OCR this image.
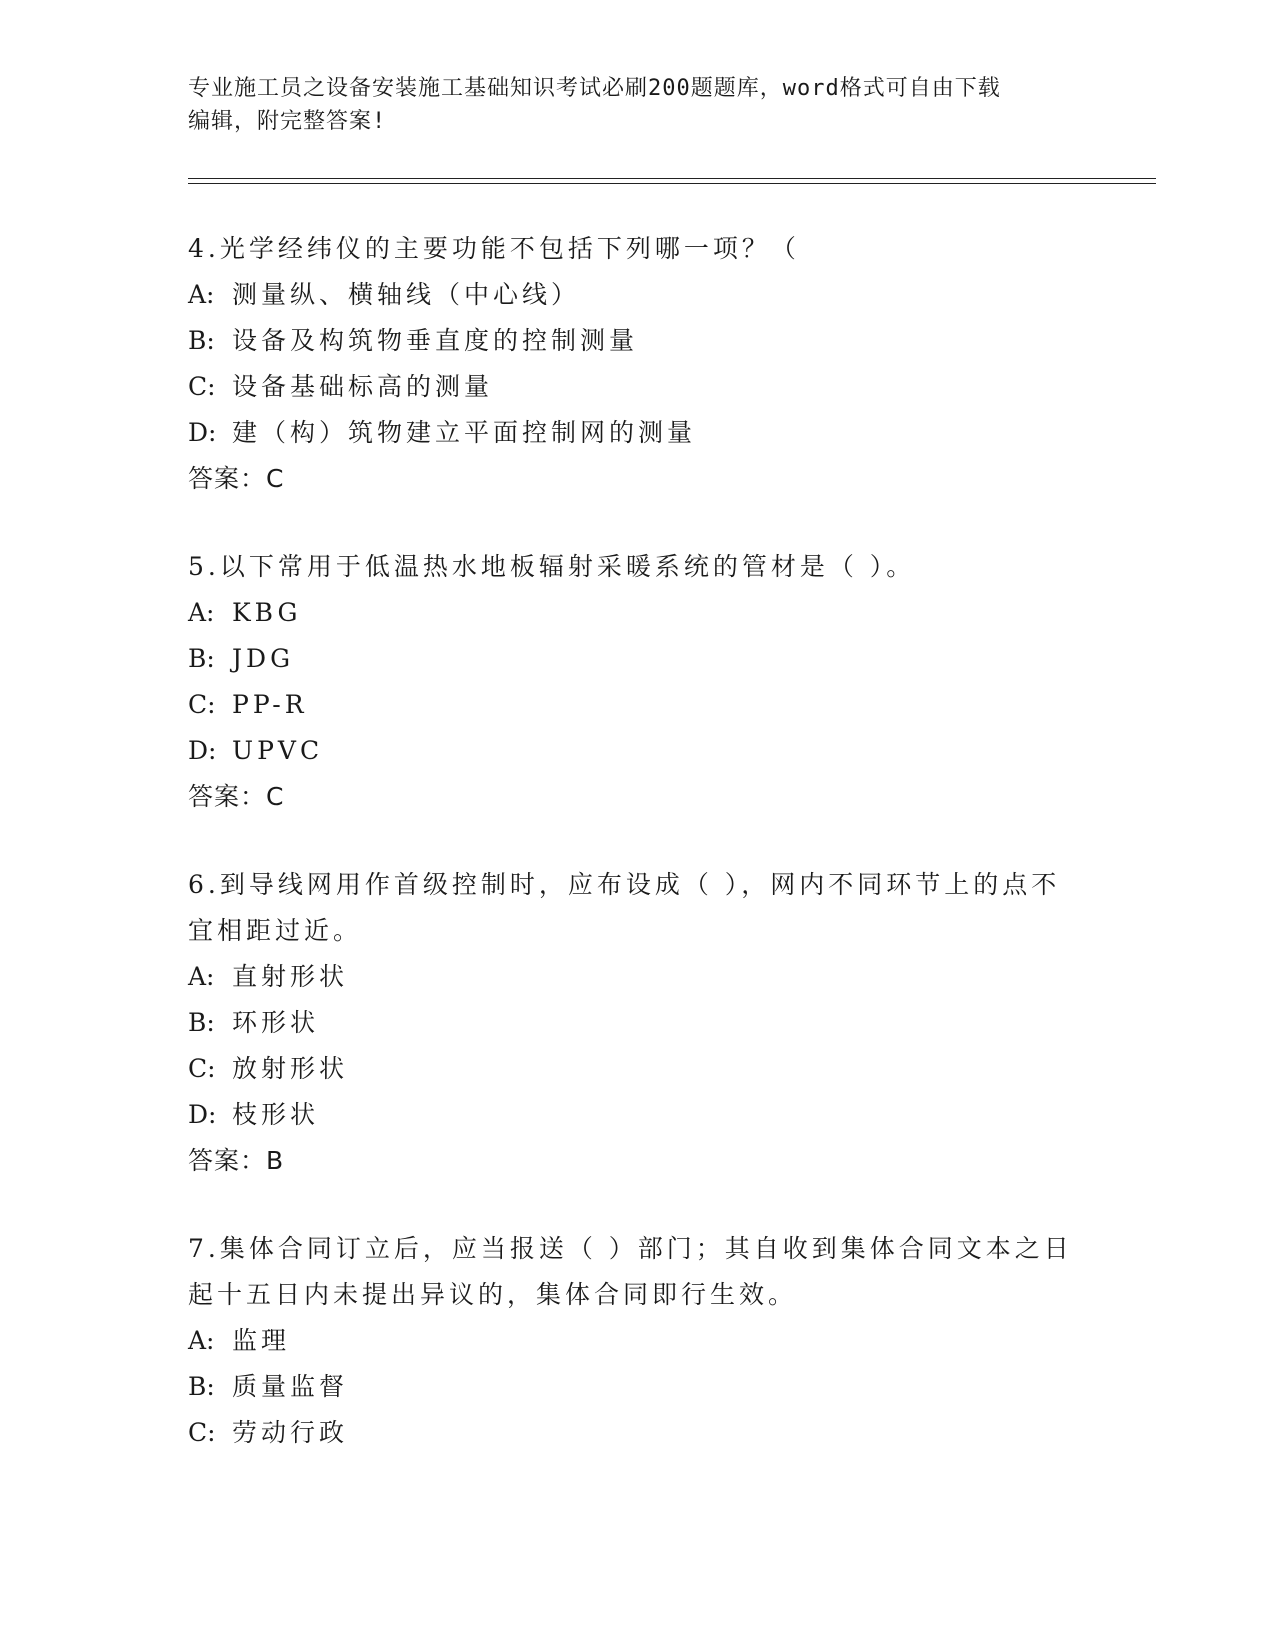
专业施工员之设备安装施工基础知识考试必刷200题题库，word格式可自由下载
编辑，附完整答案!
4.光学经纬仪的主要功能不包括下列哪一项？（
A: 测量纵、横轴线（中心线）
B: 设备及构筑物垂直度的控制测量
C: 设备基础标高的测量
D: 建（构）筑物建立平面控制网的测量
答案：C
5.以下常用于低温热水地板辐射采暖系统的管材是（ ）。
A: KBG
B: JDG
C: PP-R
D: UPVC
答案：C
6.到导线网用作首级控制时，应布设成（ ），网内不同环节上的点不
宜相距过近。
A: 直射形状
B: 环形状
C: 放射形状
D: 枝形状
答案：B
7.集体合同订立后，应当报送（ ）部门；其自收到集体合同文本之日
起十五日内未提出异议的，集体合同即行生效。
A: 监理
B: 质量监督
C: 劳动行政
